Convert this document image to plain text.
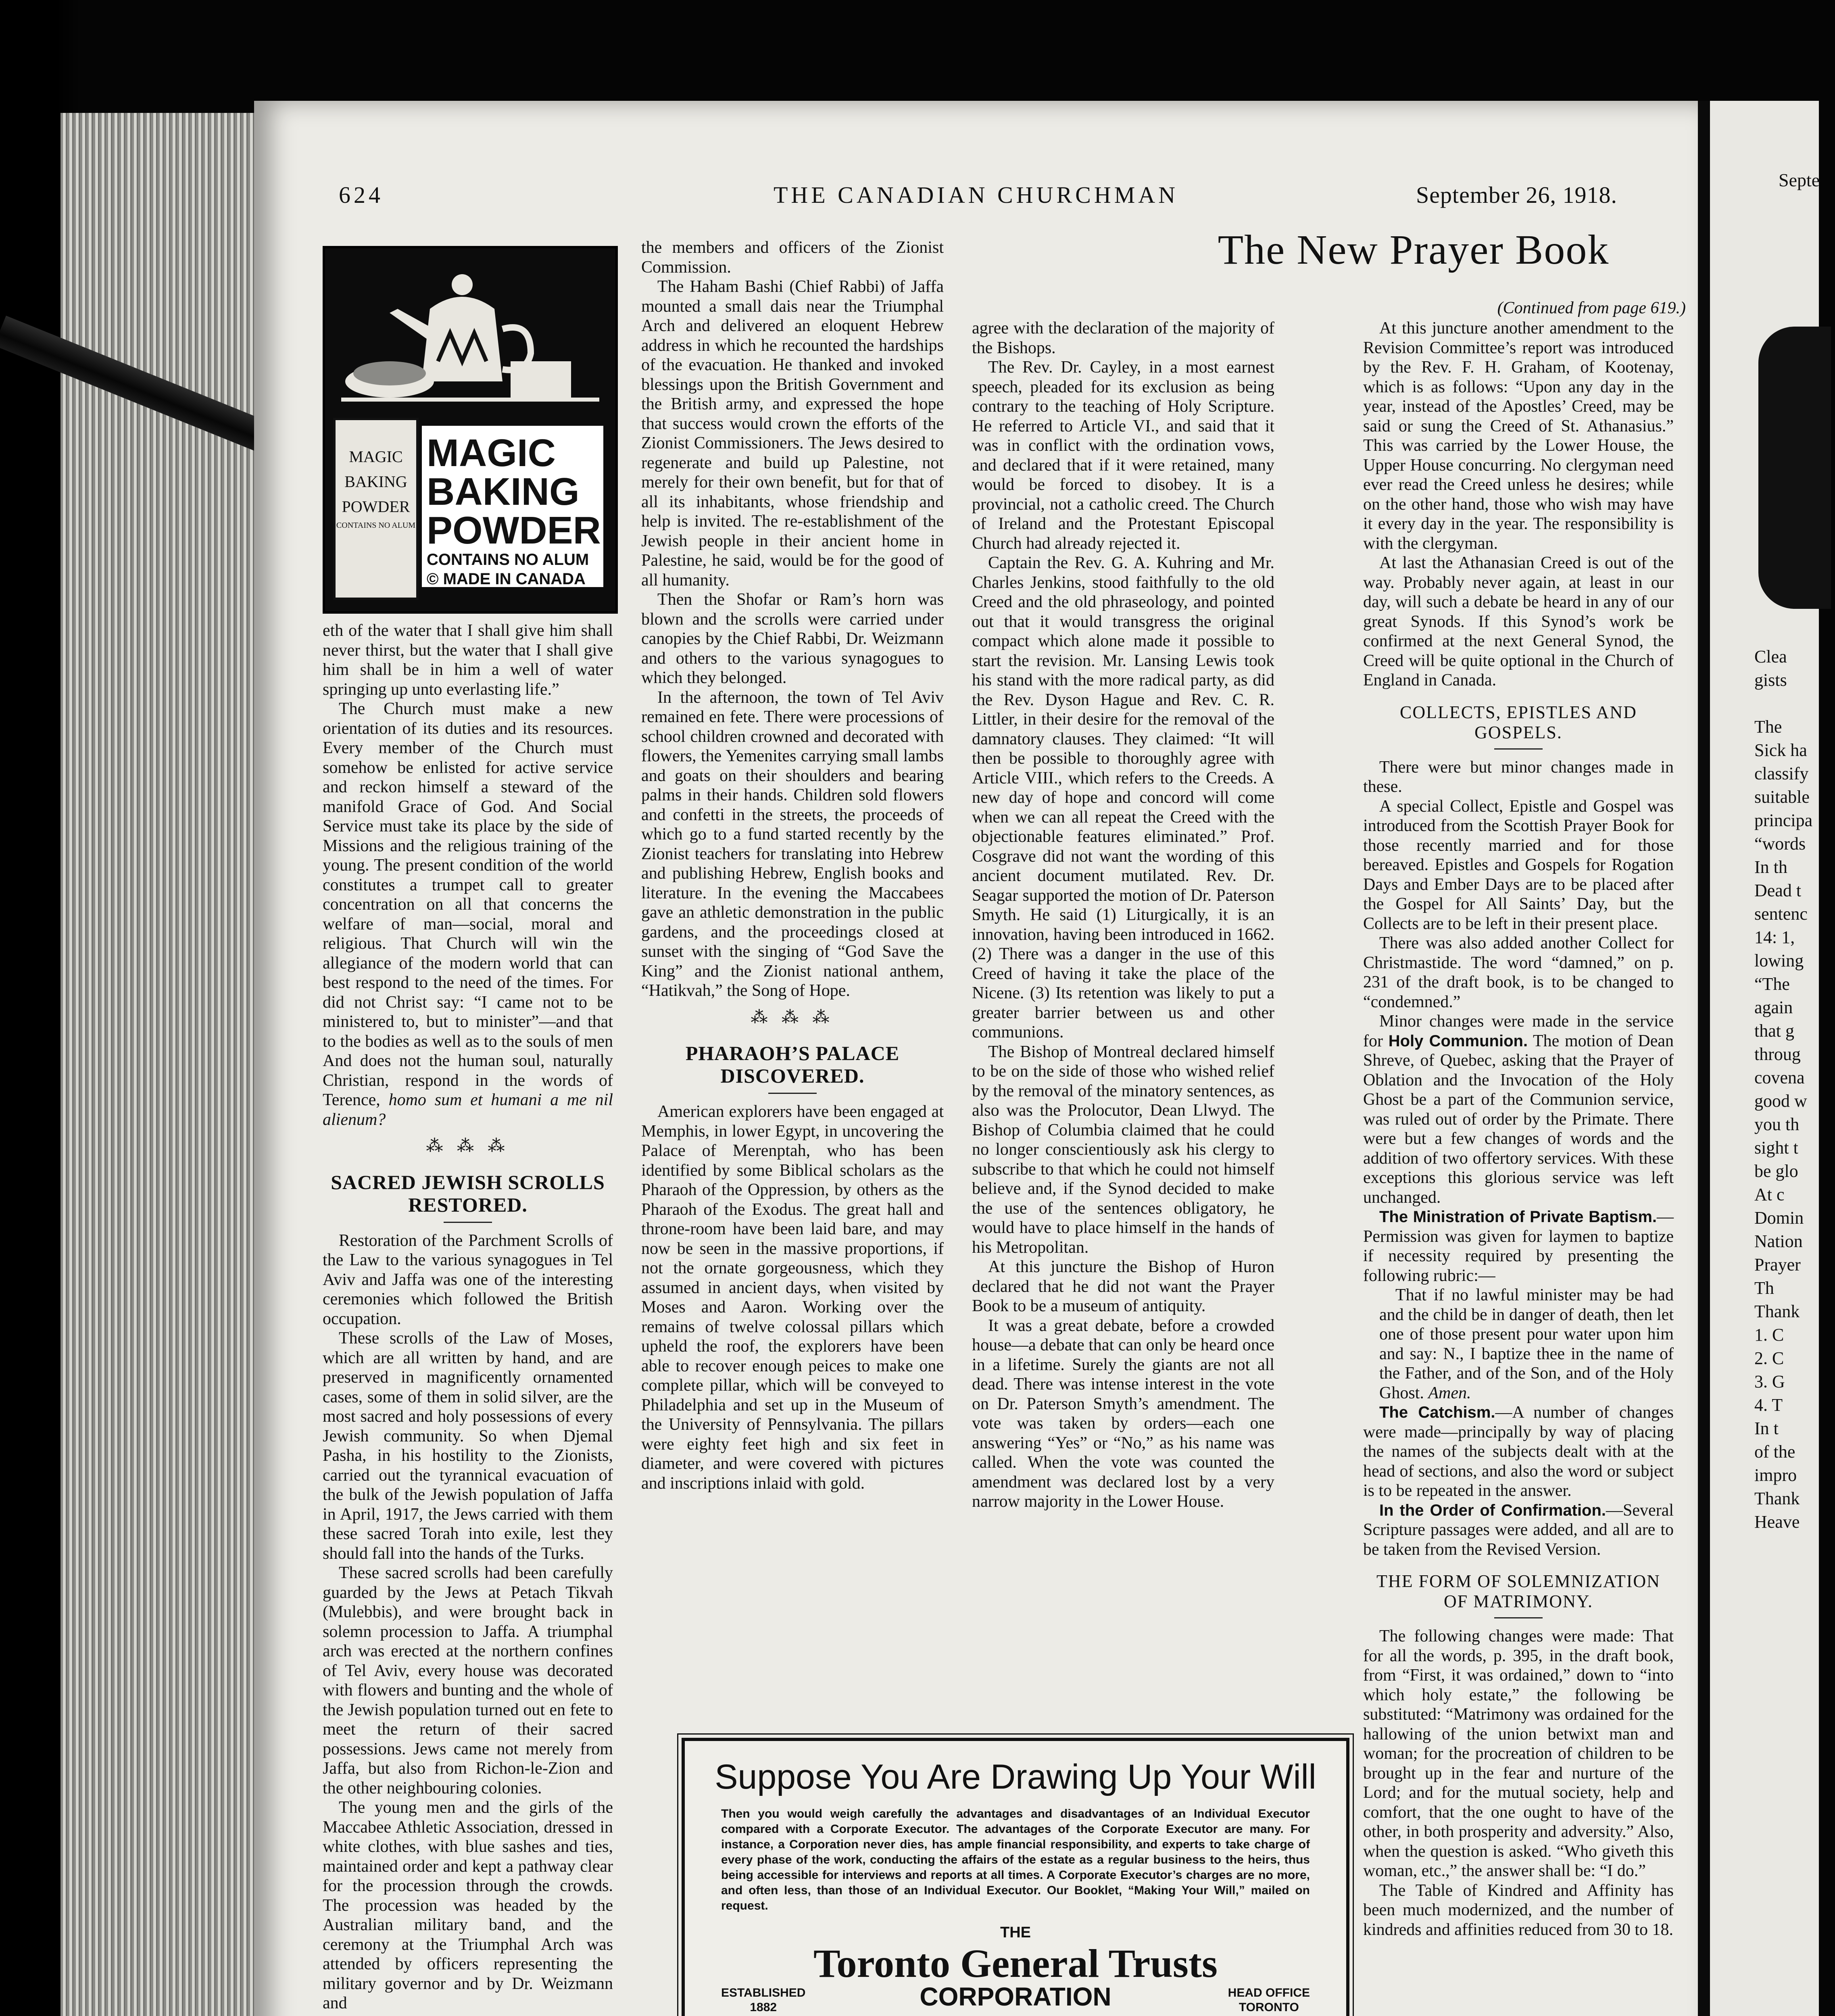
624	THE CANADIAN CHURCHMAN	September 26, 1918.
MAGIC
BAKING
POWDER
CONTAINS NO ALUM
MAGIC
BAKING
POWDER
CONTAINS NO ALUM
© MADE IN CANADA

eth of the water that I shall give him shall never thirst, but the water that I shall give him shall be in him a well of water springing up unto everlasting life.”

The Church must make a new orientation of its duties and its resources. Every member of the Church must somehow be enlisted for active service and reckon himself a steward of the manifold Grace of God. And Social Service must take its place by the side of Missions and the religious training of the young. The present condition of the world constitutes a trumpet call to greater concentration on all that concerns the welfare of man—social, moral and religious. That Church will win the allegiance of the modern world that can best respond to the need of the times. For did not Christ say: “I came not to be ministered to, but to minister”—and that to the bodies as well as to the souls of men And does not the human soul, naturally Christian, respond in the words of Terence, homo sum et humani a me nil alienum?

⁂ ⁂ ⁂
SACRED JEWISH SCROLLS RESTORED.

Restoration of the Parchment Scrolls of the Law to the various synagogues in Tel Aviv and Jaffa was one of the interesting ceremonies which followed the British occupation.

These scrolls of the Law of Moses, which are all written by hand, and are preserved in magnificently ornamented cases, some of them in solid silver, are the most sacred and holy possessions of every Jewish community. So when Djemal Pasha, in his hostility to the Zionists, carried out the tyrannical evacuation of the bulk of the Jewish population of Jaffa in April, 1917, the Jews carried with them these sacred Torah into exile, lest they should fall into the hands of the Turks.

These sacred scrolls had been carefully guarded by the Jews at Petach Tikvah (Mulebbis), and were brought back in solemn procession to Jaffa. A triumphal arch was erected at the northern confines of Tel Aviv, every house was decorated with flowers and bunting and the whole of the Jewish population turned out en fete to meet the return of their sacred possessions. Jews came not merely from Jaffa, but also from Richon-le-Zion and the other neighbouring colonies.

The young men and the girls of the Maccabee Athletic Association, dressed in white clothes, with blue sashes and ties, maintained order and kept a pathway clear for the procession through the crowds. The procession was headed by the Australian military band, and the ceremony at the Triumphal Arch was attended by officers representing the military governor and by Dr. Weizmann and

the members and officers of the Zionist Commission.

The Haham Bashi (Chief Rabbi) of Jaffa mounted a small dais near the Triumphal Arch and delivered an eloquent Hebrew address in which he recounted the hardships of the evacuation. He thanked and invoked blessings upon the British Government and the British army, and expressed the hope that success would crown the efforts of the Zionist Commissioners. The Jews desired to regenerate and build up Palestine, not merely for their own benefit, but for that of all its inhabitants, whose friendship and help is invited. The re-establishment of the Jewish people in their ancient home in Palestine, he said, would be for the good of all humanity.

Then the Shofar or Ram’s horn was blown and the scrolls were carried under canopies by the Chief Rabbi, Dr. Weizmann and others to the various synagogues to which they belonged.

In the afternoon, the town of Tel Aviv remained en fete. There were processions of school children crowned and decorated with flowers, the Yemenites carrying small lambs and goats on their shoulders and bearing palms in their hands. Children sold flowers and confetti in the streets, the proceeds of which go to a fund started recently by the Zionist teachers for translating into Hebrew and publishing Hebrew, English books and literature. In the evening the Maccabees gave an athletic demonstration in the public gardens, and the proceedings closed at sunset with the singing of “God Save the King” and the Zionist national anthem, “Hatikvah,” the Song of Hope.

⁂ ⁂ ⁂
PHARAOH’S PALACE DISCOVERED.

American explorers have been engaged at Memphis, in lower Egypt, in uncovering the Palace of Merenptah, who has been identified by some Biblical scholars as the Pharaoh of the Oppression, by others as the Pharaoh of the Exodus. The great hall and throne-room have been laid bare, and may now be seen in the massive proportions, if not the ornate gorgeousness, which they assumed in ancient days, when visited by Moses and Aaron. Working over the remains of twelve colossal pillars which upheld the roof, the explorers have been able to recover enough peices to make one complete pillar, which will be conveyed to Philadelphia and set up in the Museum of the University of Pennsylvania. The pillars were eighty feet high and six feet in diameter, and were covered with pictures and inscriptions inlaid with gold.

The New Prayer Book
(Continued from page 619.)

agree with the declaration of the majority of the Bishops.

The Rev. Dr. Cayley, in a most earnest speech, pleaded for its exclusion as being contrary to the teaching of Holy Scripture. He referred to Article VI., and said that it was in conflict with the ordination vows, and declared that if it were retained, many would be forced to disobey. It is a provincial, not a catholic creed. The Church of Ireland and the Protestant Episcopal Church had already rejected it.

Captain the Rev. G. A. Kuhring and Mr. Charles Jenkins, stood faithfully to the old Creed and the old phraseology, and pointed out that it would transgress the original compact which alone made it possible to start the revision. Mr. Lansing Lewis took his stand with the more radical party, as did the Rev. Dyson Hague and Rev. C. R. Littler, in their desire for the removal of the damnatory clauses. They claimed: “It will then be possible to thoroughly agree with Article VIII., which refers to the Creeds. A new day of hope and concord will come when we can all repeat the Creed with the objectionable features eliminated.” Prof. Cosgrave did not want the wording of this ancient document mutilated. Rev. Dr. Seagar supported the motion of Dr. Paterson Smyth. He said (1) Liturgically, it is an innovation, having been introduced in 1662. (2) There was a danger in the use of this Creed of having it take the place of the Nicene. (3) Its retention was likely to put a greater barrier between us and other communions.

The Bishop of Montreal declared himself to be on the side of those who wished relief by the removal of the minatory sentences, as also was the Prolocutor, Dean Llwyd. The Bishop of Columbia claimed that he could no longer conscientiously ask his clergy to subscribe to that which he could not himself believe and, if the Synod decided to make the use of the sentences obligatory, he would have to place himself in the hands of his Metropolitan.

At this juncture the Bishop of Huron declared that he did not want the Prayer Book to be a museum of antiquity.

It was a great debate, before a crowded house—a debate that can only be heard once in a lifetime. Surely the giants are not all dead. There was intense interest in the vote on Dr. Paterson Smyth’s amendment. The vote was taken by orders—each one answering “Yes” or “No,” as his name was called. When the vote was counted the amendment was declared lost by a very narrow majority in the Lower House.

At this juncture another amendment to the Revision Committee’s report was introduced by the Rev. F. H. Graham, of Kootenay, which is as follows: “Upon any day in the year, instead of the Apostles’ Creed, may be said or sung the Creed of St. Athanasius.” This was carried by the Lower House, the Upper House concurring. No clergyman need ever read the Creed unless he desires; while on the other hand, those who wish may have it every day in the year. The responsibility is with the clergyman.

At last the Athanasian Creed is out of the way. Probably never again, at least in our day, will such a debate be heard in any of our great Synods. If this Synod’s work be confirmed at the next General Synod, the Creed will be quite optional in the Church of England in Canada.

COLLECTS, EPISTLES AND GOSPELS.

There were but minor changes made in these.

A special Collect, Epistle and Gospel was introduced from the Scottish Prayer Book for those recently married and for those bereaved. Epistles and Gospels for Rogation Days and Ember Days are to be placed after the Gospel for All Saints’ Day, but the Collects are to be left in their present place.

There was also added another Collect for Christmastide. The word “damned,” on p. 231 of the draft book, is to be changed to “condemned.”

Minor changes were made in the service for Holy Communion. The motion of Dean Shreve, of Quebec, asking that the Prayer of Oblation and the Invocation of the Holy Ghost be a part of the Communion service, was ruled out of order by the Primate. There were but a few changes of words and the addition of two offertory services. With these exceptions this glorious service was left unchanged.

The Ministration of Private Baptism.—Permission was given for laymen to baptize if necessity required by presenting the following rubric:—

That if no lawful minister may be had and the child be in danger of death, then let one of those present pour water upon him and say: N., I baptize thee in the name of the Father, and of the Son, and of the Holy Ghost. Amen.

The Catchism.—A number of changes were made—principally by way of placing the names of the subjects dealt with at the head of sections, and also the word or subject is to be repeated in the answer.

In the Order of Confirmation.—Several Scripture passages were added, and all are to be taken from the Revised Version.

THE FORM OF SOLEMNIZATION OF MATRIMONY.

The following changes were made: That for all the words, p. 395, in the draft book, from “First, it was ordained,” down to “into which holy estate,” the following be substituted: “Matrimony was ordained for the hallowing of the union betwixt man and woman; for the procreation of children to be brought up in the fear and nurture of the Lord; and for the mutual society, help and comfort, that the one ought to have of the other, in both prosperity and adversity.” Also, when the question is asked. “Who giveth this woman, etc.,” the answer shall be: “I do.”

The Table of Kindred and Affinity has been much modernized, and the number of kindreds and affinities reduced from 30 to 18.

Suppose You Are Drawing Up Your Will
Then you would weigh carefully the advantages and disadvantages of an Individual Executor compared with a Corporate Executor. The advantages of the Corporate Executor are many. For instance, a Corporation never dies, has ample financial responsibility, and experts to take charge of every phase of the work, conducting the affairs of the estate as a regular business to the heirs, thus being accessible for interviews and reports at all times. A Corporate Executor’s charges are no more, and often less, than those of an Individual Executor. Our Booklet, “Making Your Will,” mailed on request.
THE
Toronto General Trusts
ESTABLISHED
1882	CORPORATION	HEAD OFFICE
TORONTO
Septe
Clea
gists

The
Sick ha
classify
suitable
principa
“words
In th
Dead t
sentenc
14: 1,
lowing
“The
again
that g
throug
covena
good w
you th
sight t
be glo
At c
Domin
Nation
Prayer
Th
Thank
1. C
2. C
3. G
4. T
In t
of the
impro
Thank
Heave
